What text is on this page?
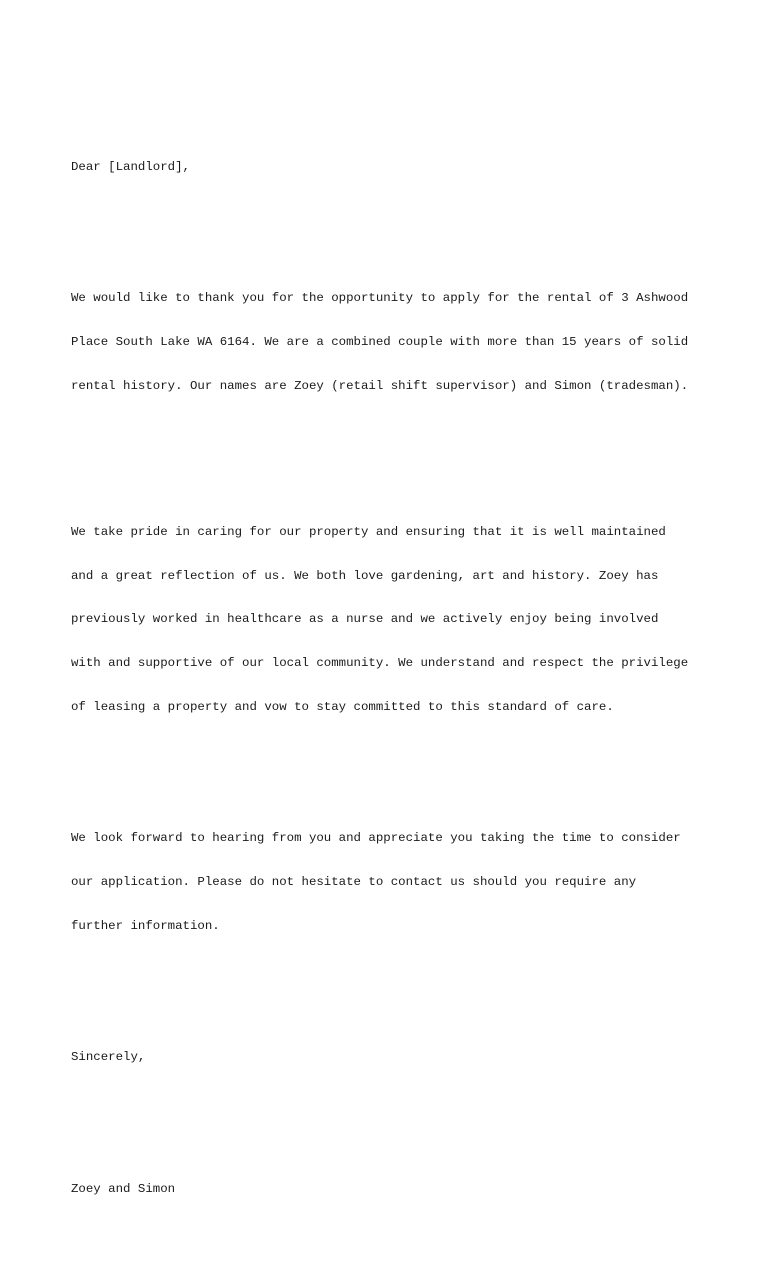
Dear [Landlord],

We would like to thank you for the opportunity to apply for the rental of 3 Ashwood

Place South Lake WA 6164. We are a combined couple with more than 15 years of solid

rental history. Our names are Zoey (retail shift supervisor) and Simon (tradesman).

We take pride in caring for our property and ensuring that it is well maintained

and a great reflection of us. We both love gardening, art and history. Zoey has

previously worked in healthcare as a nurse and we actively enjoy being involved

with and supportive of our local community. We understand and respect the privilege

of leasing a property and vow to stay committed to this standard of care.

We look forward to hearing from you and appreciate you taking the time to consider

our application. Please do not hesitate to contact us should you require any

further information.

Sincerely,

Zoey and Simon
